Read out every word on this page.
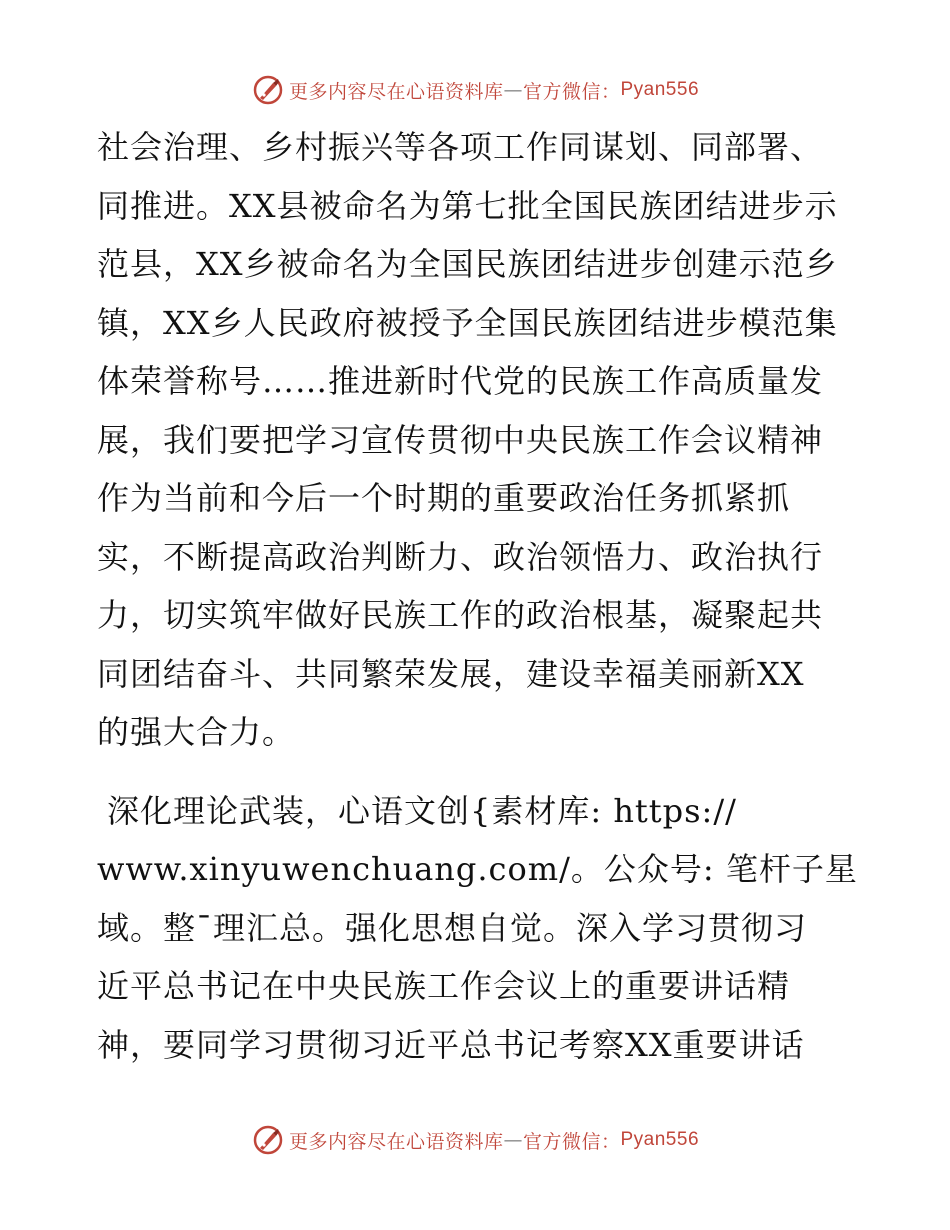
更多内容尽在心语资料库 — 官方微信： Pyan556
社会治理、乡村振兴等各项工作同谋划、同部署、
同推进。XX县被命名为第七批全国民族团结进步示
范县，XX乡被命名为全国民族团结进步创建示范乡
镇，XX乡人民政府被授予全国民族团结进步模范集
体荣誉称号……推进新时代党的民族工作高质量发
展，我们要把学习宣传贯彻中央民族工作会议精神
作为当前和今后一个时期的重要政治任务抓紧抓
实，不断提高政治判断力、政治领悟力、政治执行
力，切实筑牢做好民族工作的政治根基，凝聚起共
同团结奋斗、共同繁荣发展，建设幸福美丽新XX
的强大合力。
深化理论武装，心语文创{素材库: https://
www.xinyuwenchuang.com/。公众号: 笔杆子星
域。整¯理汇总。强化思想自觉。深入学习贯彻习
近平总书记在中央民族工作会议上的重要讲话精
神，要同学习贯彻习近平总书记考察XX重要讲话
更多内容尽在心语资料库 — 官方微信： Pyan556
